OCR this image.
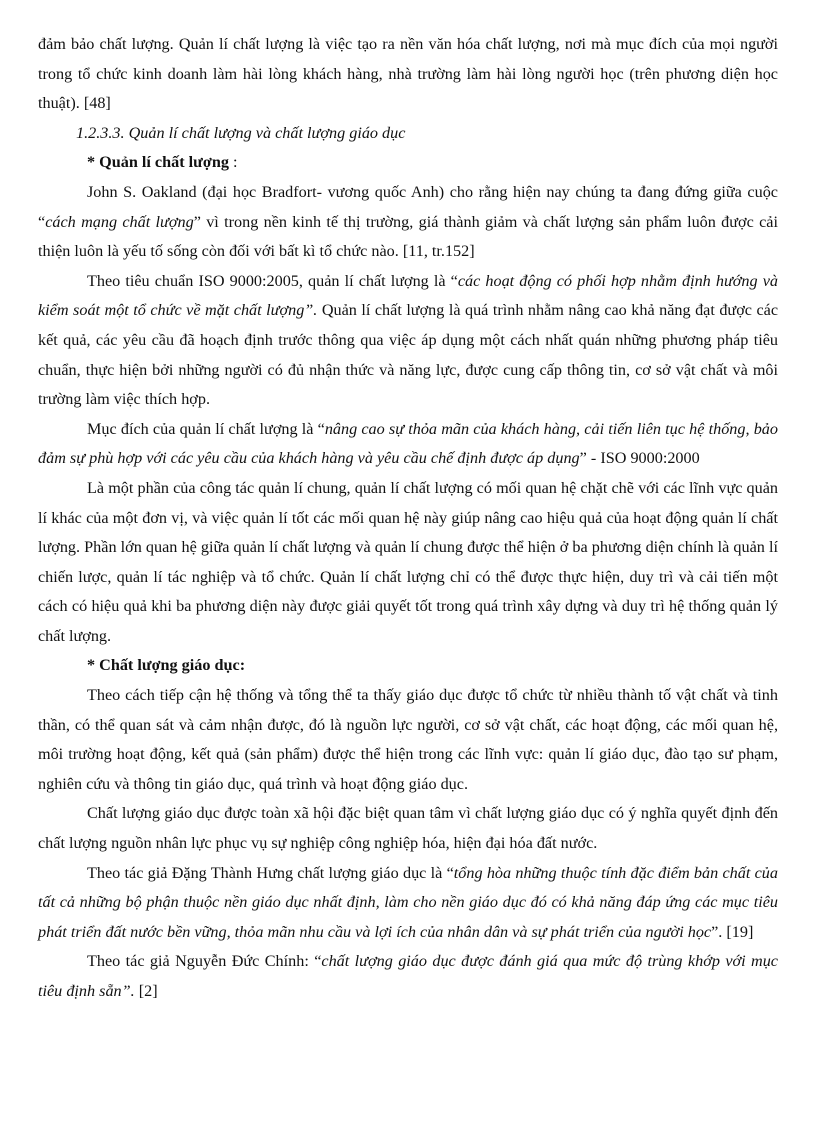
đảm bảo chất lượng. Quản lí chất lượng là việc tạo ra nền văn hóa chất lượng, nơi mà mục đích của mọi người trong tổ chức kinh doanh làm hài lòng khách hàng, nhà trường làm hài lòng người học (trên phương diện học thuật). [48]

1.2.3.3. Quản lí chất lượng và chất lượng giáo dục

* Quản lí chất lượng :

John S. Oakland (đại học Bradfort- vương quốc Anh) cho rằng hiện nay chúng ta đang đứng giữa cuộc “cách mạng chất lượng” vì trong nền kinh tế thị trường, giá thành giảm và chất lượng sản phẩm luôn được cải thiện luôn là yếu tố sống còn đối với bất kì tổ chức nào. [11, tr.152]

Theo tiêu chuẩn ISO 9000:2005, quản lí chất lượng là “các hoạt động có phối hợp nhằm định hướng và kiểm soát một tổ chức về mặt chất lượng”. Quản lí chất lượng là quá trình nhằm nâng cao khả năng đạt được các kết quả, các yêu cầu đã hoạch định trước thông qua việc áp dụng một cách nhất quán những phương pháp tiêu chuẩn, thực hiện bởi những người có đủ nhận thức và năng lực, được cung cấp thông tin, cơ sở vật chất và môi trường làm việc thích hợp.

Mục đích của quản lí chất lượng là “nâng cao sự thỏa mãn của khách hàng, cải tiến liên tục hệ thống, bảo đảm sự phù hợp với các yêu cầu của khách hàng và yêu cầu chế định được áp dụng” - ISO 9000:2000

Là một phần của công tác quản lí chung, quản lí chất lượng có mối quan hệ chặt chẽ với các lĩnh vực quản lí khác của một đơn vị, và việc quản lí tốt các mối quan hệ này giúp nâng cao hiệu quả của hoạt động quản lí chất lượng. Phần lớn quan hệ giữa quản lí chất lượng và quản lí chung được thể hiện ở ba phương diện chính là quản lí chiến lược, quản lí tác nghiệp và tổ chức. Quản lí chất lượng chỉ có thể được thực hiện, duy trì và cải tiến một cách có hiệu quả khi ba phương diện này được giải quyết tốt trong quá trình xây dựng và duy trì hệ thống quản lý chất lượng.

* Chất lượng giáo dục:

Theo cách tiếp cận hệ thống và tổng thể ta thấy giáo dục được tổ chức từ nhiều thành tố vật chất và tinh thần, có thể quan sát và cảm nhận được, đó là nguồn lực người, cơ sở vật chất, các hoạt động, các mối quan hệ, môi trường hoạt động, kết quả (sản phẩm) được thể hiện trong các lĩnh vực: quản lí giáo dục, đào tạo sư phạm, nghiên cứu và thông tin giáo dục, quá trình và hoạt động giáo dục.

Chất lượng giáo dục được toàn xã hội đặc biệt quan tâm vì chất lượng giáo dục có ý nghĩa quyết định đến chất lượng nguồn nhân lực phục vụ sự nghiệp công nghiệp hóa, hiện đại hóa đất nước.

Theo tác giả Đặng Thành Hưng chất lượng giáo dục là “tổng hòa những thuộc tính đặc điểm bản chất của tất cả những bộ phận thuộc nền giáo dục nhất định, làm cho nền giáo dục đó có khả năng đáp ứng các mục tiêu phát triển đất nước bền vững, thỏa mãn nhu cầu và lợi ích của nhân dân và sự phát triển của người học”. [19]

Theo tác giả Nguyễn Đức Chính: “chất lượng giáo dục được đánh giá qua mức độ trùng khớp với mục tiêu định sẵn”. [2]
